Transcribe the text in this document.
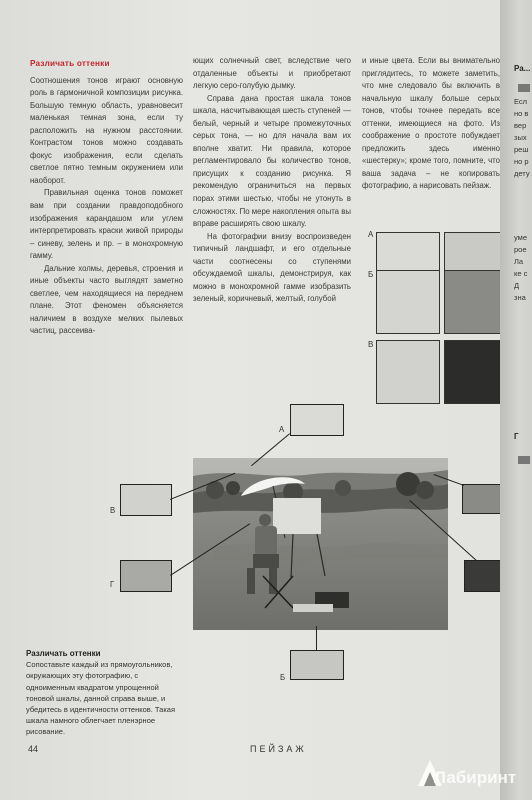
Различать оттенки

Соотношения тонов играют основную роль в гармоничной композиции рисунка. Большую темную область, уравновесит маленькая темная зона, если ту расположить на нужном расстоянии. Контрастом тонов можно создавать фокус изображения, если сделать светлое пятно темным окружением или наоборот.

Правильная оценка тонов поможет вам при создании правдоподобного изображения карандашом или углем интерпретировать краски живой природы – синеву, зелень и пр. – в монохромную гамму.

Дальние холмы, деревья, строения и иные объекты часто выглядят заметно светлее, чем находящиеся на переднем плане. Этот феномен объясняется наличием в воздухе мелких пылевых частиц, рассеива-

ющих солнечный свет, вследствие чего отдаленные объекты и приобретают легкую серо-голубую дымку.

Справа дана простая шкала тонов шкала, насчитывающая шесть ступеней — белый, черный и четыре промежуточных серых тона, — но для начала вам их вполне хватит. Ни правила, которое регламентировало бы количество тонов, присущих к созданию рисунка. Я рекомендую ограничиться на первых порах этими шестью, чтобы не утонуть в сложностях. По мере накопления опыта вы вправе расширять свою шкалу.

На фотографии внизу воспроизведен типичный ландшафт, и его отдельные части соотнесены со ступенями обсуждаемой шкалы, демонстрируя, как можно в монохромной гамме изобразить зеленый, коричневый, желтый, голубой

и иные цвета. Если вы внимательно приглядитесь, то можете заметить, что мне следовало бы включить в начальную шкалу больше серых тонов, чтобы точнее передать все оттенки, имеющиеся на фото. Из соображение о простоте побуждает предложить здесь именно «шестерку»; кроме того, помните, что ваша задача – не копировать фотографию, а нарисовать пейзаж.

А
Б
В
А
В
Г
Б
Различать оттенки
Сопоставьте каждый из прямоугольников, окружающих эту фотографию, с одноименным квадратом упрощенной тоновой шкалы, данной справа выше, и убедитесь в идентичности оттенков. Такая шкала намного облегчает пленэрное рисование.
44	ПЕЙЗАЖ
Ра...
Есл
но в
вер
зых
реш
но р
дету
уме
рое
Ла
ке с
Д
зна
Г
Лабиринт
